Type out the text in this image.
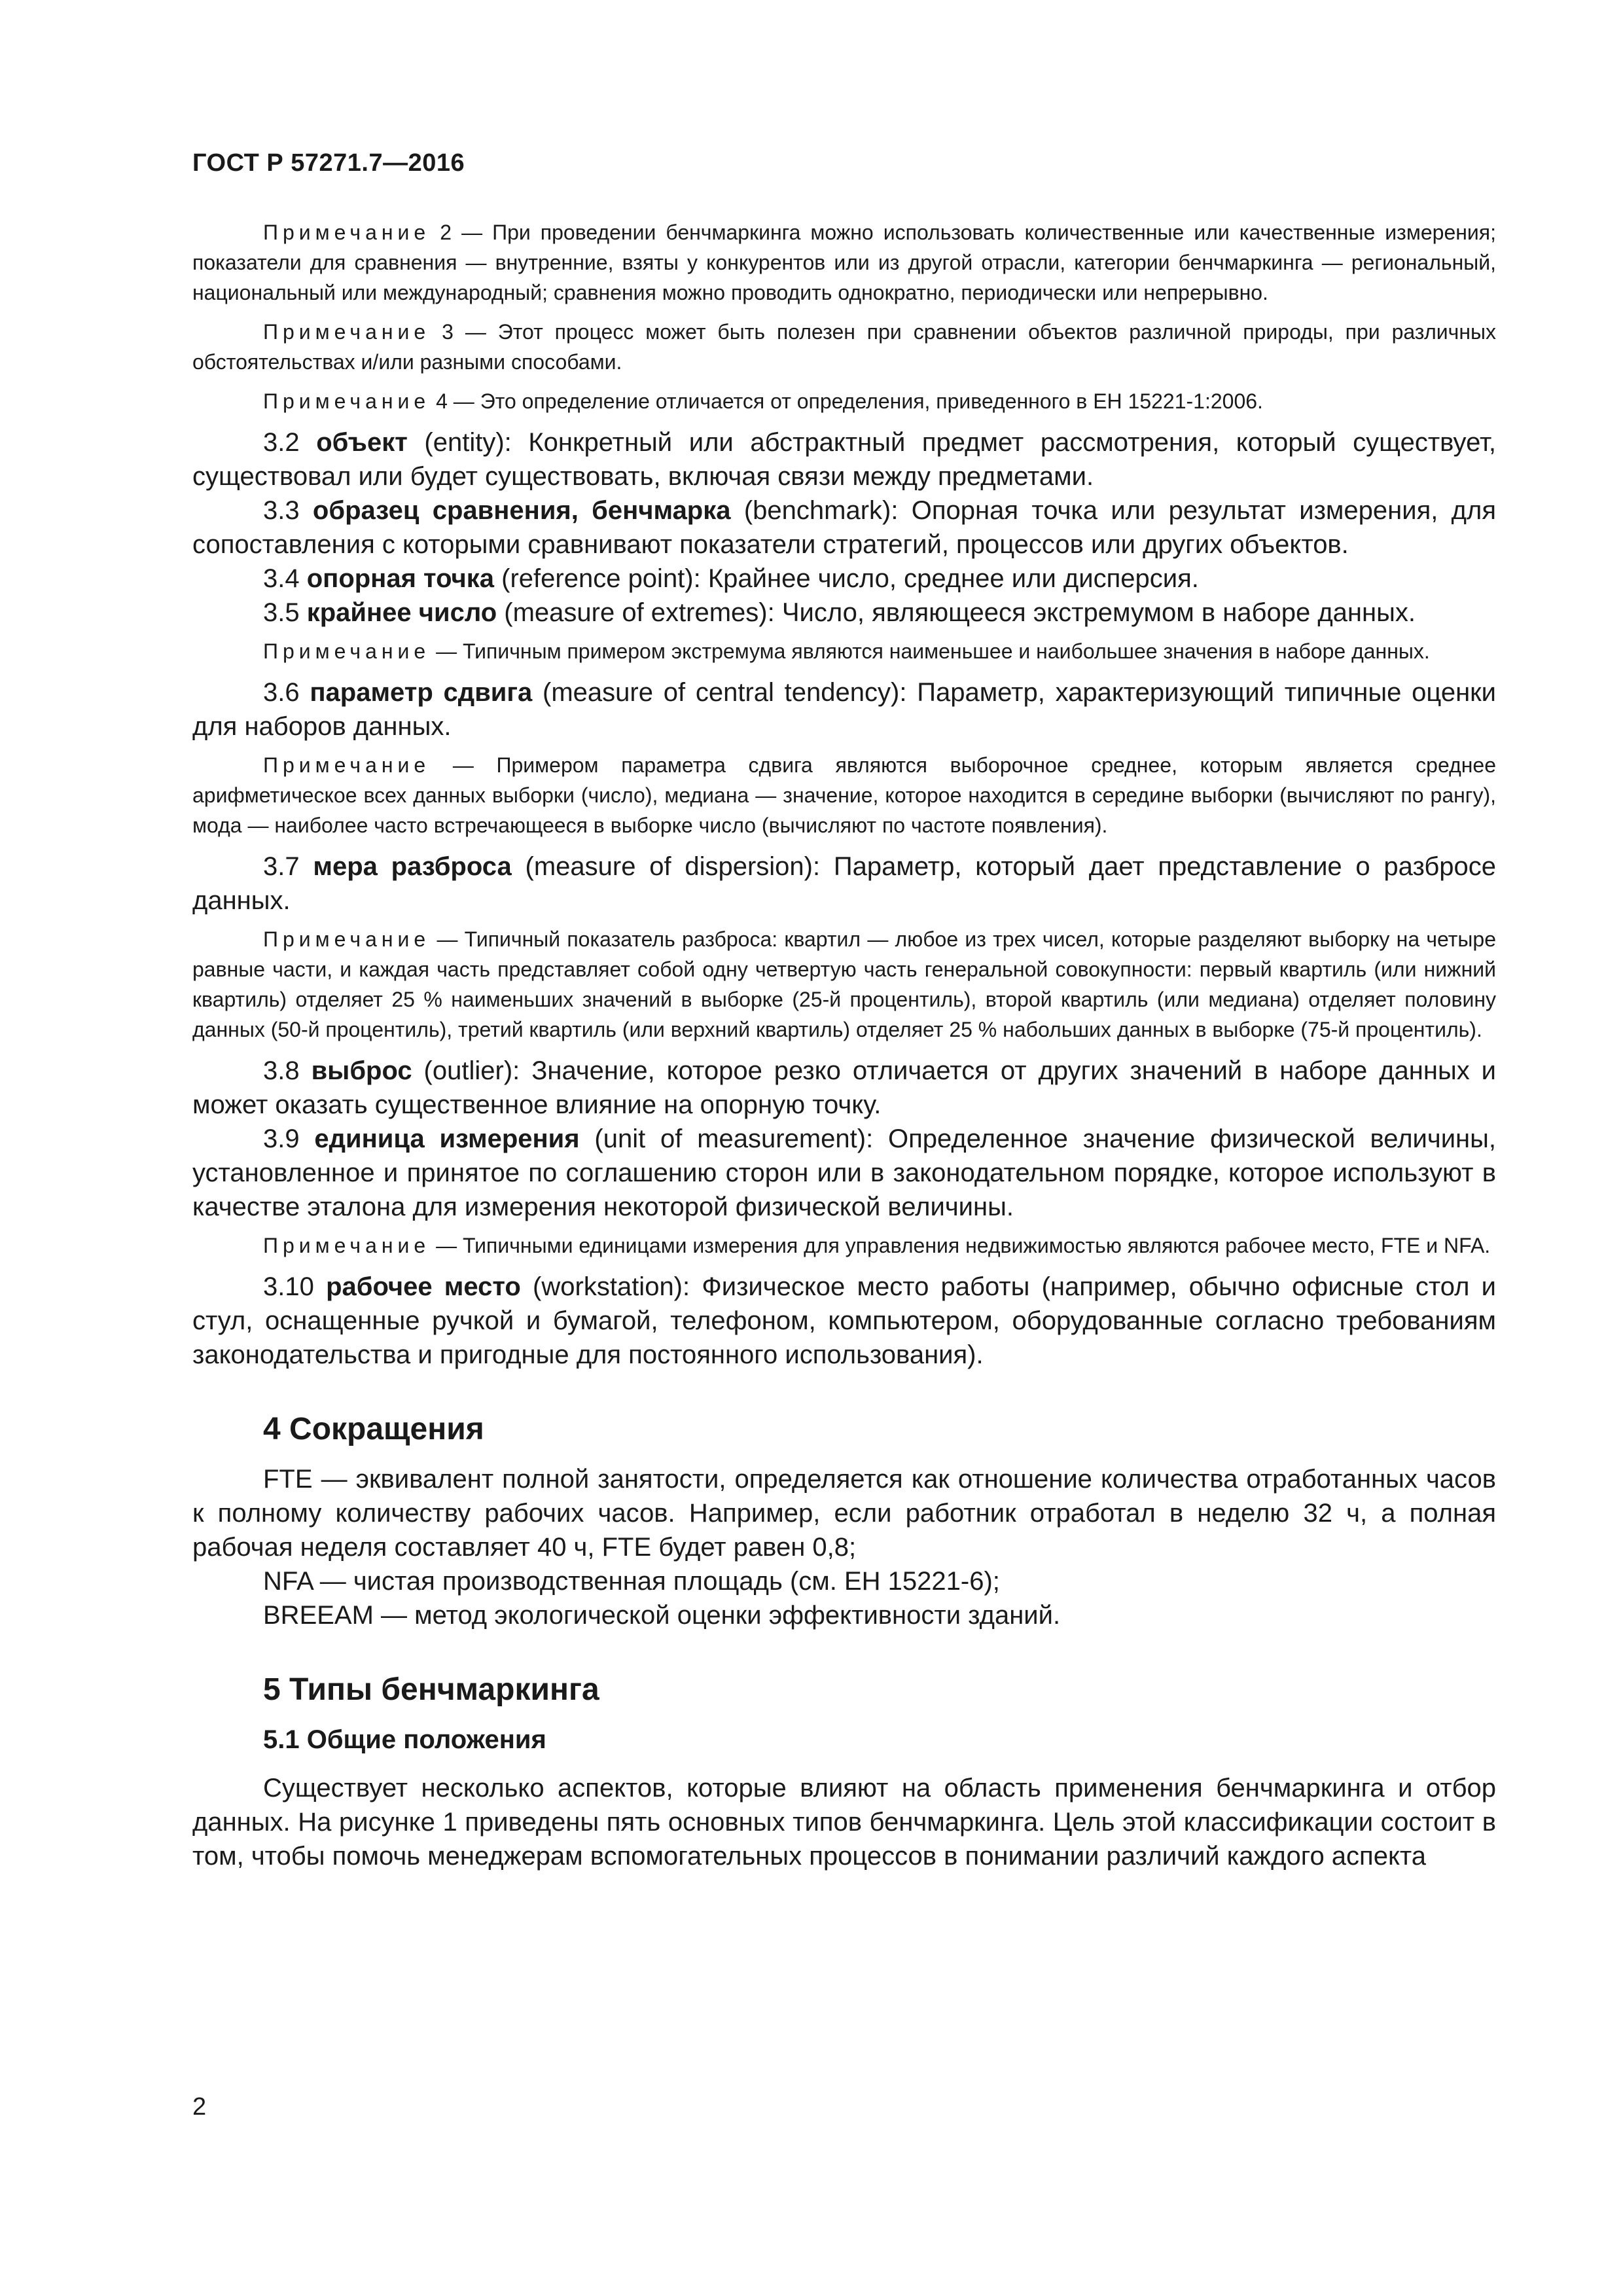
ГОСТ Р 57271.7—2016

Примечание 2 — При проведении бенчмаркинга можно использовать количественные или качественные измерения; показатели для сравнения — внутренние, взяты у конкурентов или из другой отрасли, категории бенчмаркинга — региональный, национальный или международный; сравнения можно проводить однократно, периодически или непрерывно.

Примечание 3 — Этот процесс может быть полезен при сравнении объектов различной природы, при различных обстоятельствах и/или разными способами.

Примечание 4 — Это определение отличается от определения, приведенного в ЕН 15221-1:2006.

3.2 объект (entity): Конкретный или абстрактный предмет рассмотрения, который существует, существовал или будет существовать, включая связи между предметами.

3.3 образец сравнения, бенчмарка (benchmark): Опорная точка или результат измерения, для сопоставления с которыми сравнивают показатели стратегий, процессов или других объектов.

3.4 опорная точка (reference point): Крайнее число, среднее или дисперсия.

3.5 крайнее число (measure of extremes): Число, являющееся экстремумом в наборе данных.

Примечание — Типичным примером экстремума являются наименьшее и наибольшее значения в наборе данных.

3.6 параметр сдвига (measure of central tendency): Параметр, характеризующий типичные оценки для наборов данных.

Примечание — Примером параметра сдвига являются выборочное среднее, которым является среднее арифметическое всех данных выборки (число), медиана — значение, которое находится в середине выборки (вычисляют по рангу), мода — наиболее часто встречающееся в выборке число (вычисляют по частоте появления).

3.7 мера разброса (measure of dispersion): Параметр, который дает представление о разбросе данных.

Примечание — Типичный показатель разброса: квартил — любое из трех чисел, которые разделяют выборку на четыре равные части, и каждая часть представляет собой одну четвертую часть генеральной совокупности: первый квартиль (или нижний квартиль) отделяет 25 % наименьших значений в выборке (25-й процентиль), второй квартиль (или медиана) отделяет половину данных (50-й процентиль), третий квартиль (или верхний квартиль) отделяет 25 % набольших данных в выборке (75-й процентиль).

3.8 выброс (outlier): Значение, которое резко отличается от других значений в наборе данных и может оказать существенное влияние на опорную точку.

3.9 единица измерения (unit of measurement): Определенное значение физической величины, установленное и принятое по соглашению сторон или в законодательном порядке, которое используют в качестве эталона для измерения некоторой физической величины.

Примечание — Типичными единицами измерения для управления недвижимостью являются рабочее место, FTE и NFA.

3.10 рабочее место (workstation): Физическое место работы (например, обычно офисные стол и стул, оснащенные ручкой и бумагой, телефоном, компьютером, оборудованные согласно требованиям законодательства и пригодные для постоянного использования).

4 Сокращения

FTE — эквивалент полной занятости, определяется как отношение количества отработанных часов к полному количеству рабочих часов. Например, если работник отработал в неделю 32 ч, а полная рабочая неделя составляет 40 ч, FTE будет равен 0,8;

NFA — чистая производственная площадь (см. ЕН 15221-6);

BREEAM — метод экологической оценки эффективности зданий.

5 Типы бенчмаркинга
5.1 Общие положения

Существует несколько аспектов, которые влияют на область применения бенчмаркинга и отбор данных. На рисунке 1 приведены пять основных типов бенчмаркинга. Цель этой классификации состоит в том, чтобы помочь менеджерам вспомогательных процессов в понимании различий каждого аспекта

2
